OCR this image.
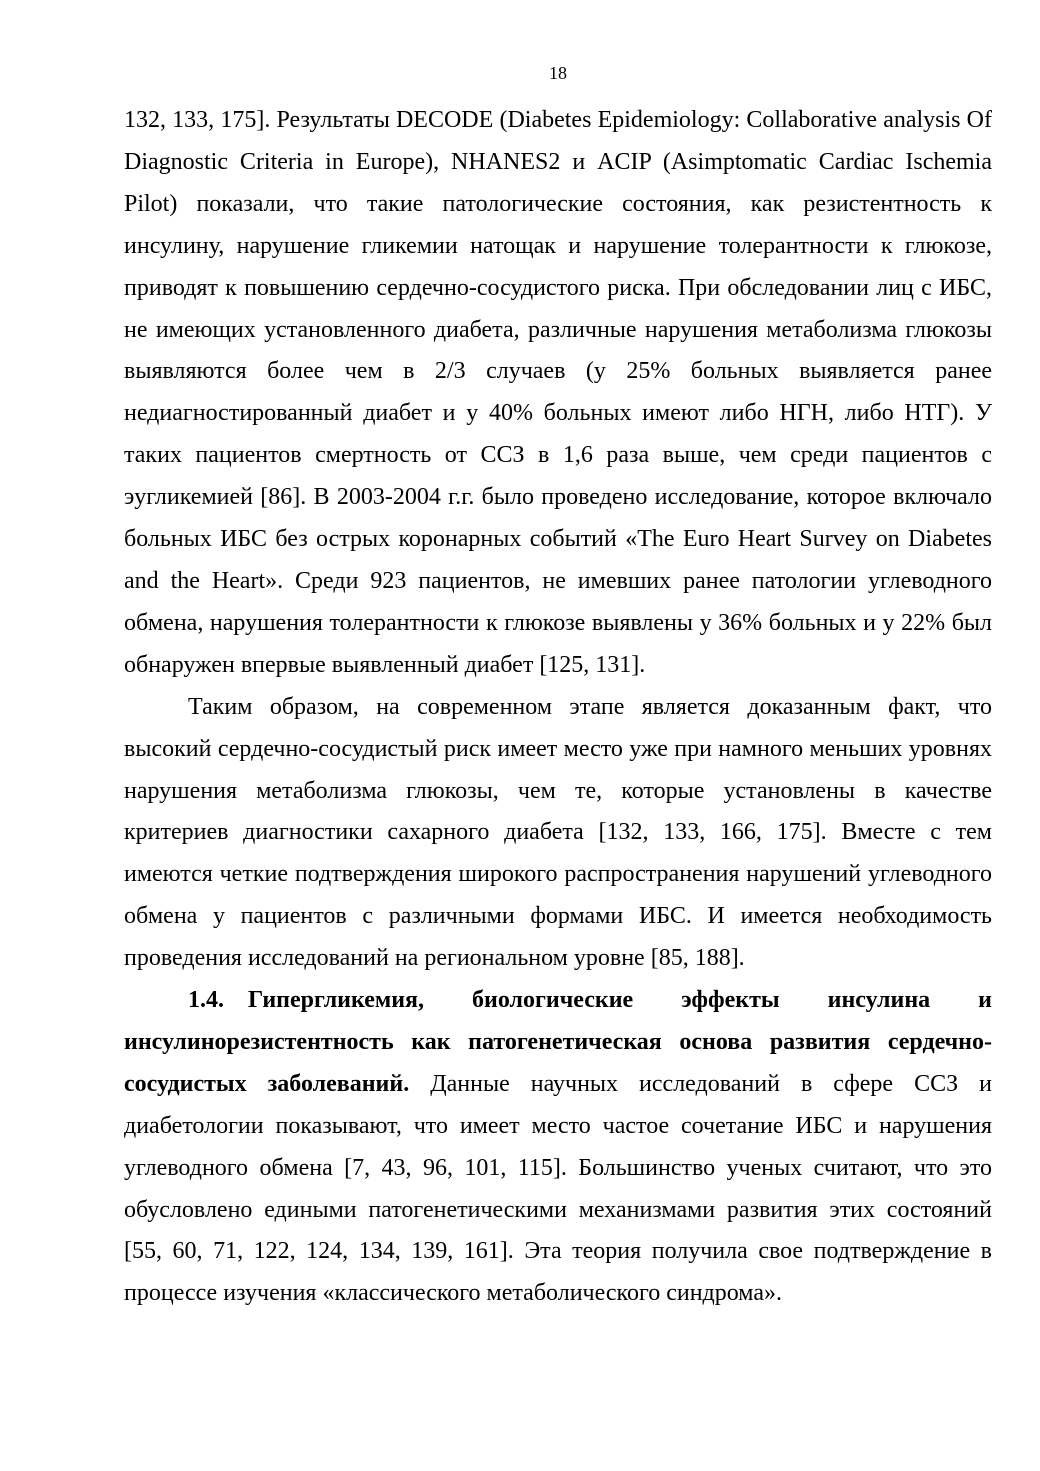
18

132, 133, 175]. Результаты DECODE (Diabetes Epidemiology: Collaborative analysis Of Diagnostic Criteria in Europe), NHANES2 и ACIP (Asimptomatic Cardiac Ischemia Pilot) показали, что такие патологические состояния, как резистентность к инсулину, нарушение гликемии натощак и нарушение толерантности к глюкозе, приводят к повышению сердечно-сосудистого риска. При обследовании лиц с ИБС, не имеющих установленного диабета, различные нарушения метаболизма глюкозы выявляются более чем в 2/3 случаев (у 25% больных выявляется ранее недиагностированный диабет и у 40% больных имеют либо НГН, либо НТГ). У таких пациентов смертность от ССЗ в 1,6 раза выше, чем среди пациентов с эугликемией [86]. В 2003-2004 г.г. было проведено исследование, которое включало больных ИБС без острых коронарных событий «The Euro Heart Survey on Diabetes and the Heart». Среди 923 пациентов, не имевших ранее патологии углеводного обмена, нарушения толерантности к глюкозе выявлены у 36% больных и у 22% был обнаружен впервые выявленный диабет [125, 131].

Таким образом, на современном этапе является доказанным факт, что высокий сердечно-сосудистый риск имеет место уже при намного меньших уровнях нарушения метаболизма глюкозы, чем те, которые установлены в качестве критериев диагностики сахарного диабета [132, 133, 166, 175]. Вместе с тем имеются четкие подтверждения широкого распространения нарушений углеводного обмена у пациентов с различными формами ИБС. И имеется необходимость проведения исследований на региональном уровне [85, 188].

1.4. Гипергликемия, биологические эффекты инсулина и инсулинорезистентность как патогенетическая основа развития сердечно-сосудистых заболеваний. Данные научных исследований в сфере ССЗ и диабетологии показывают, что имеет место частое сочетание ИБС и нарушения углеводного обмена [7, 43, 96, 101, 115]. Большинство ученых считают, что это обусловлено едиными патогенетическими механизмами развития этих состояний [55, 60, 71, 122, 124, 134, 139, 161]. Эта теория получила свое подтверждение в процессе изучения «классического метаболического синдрома».
